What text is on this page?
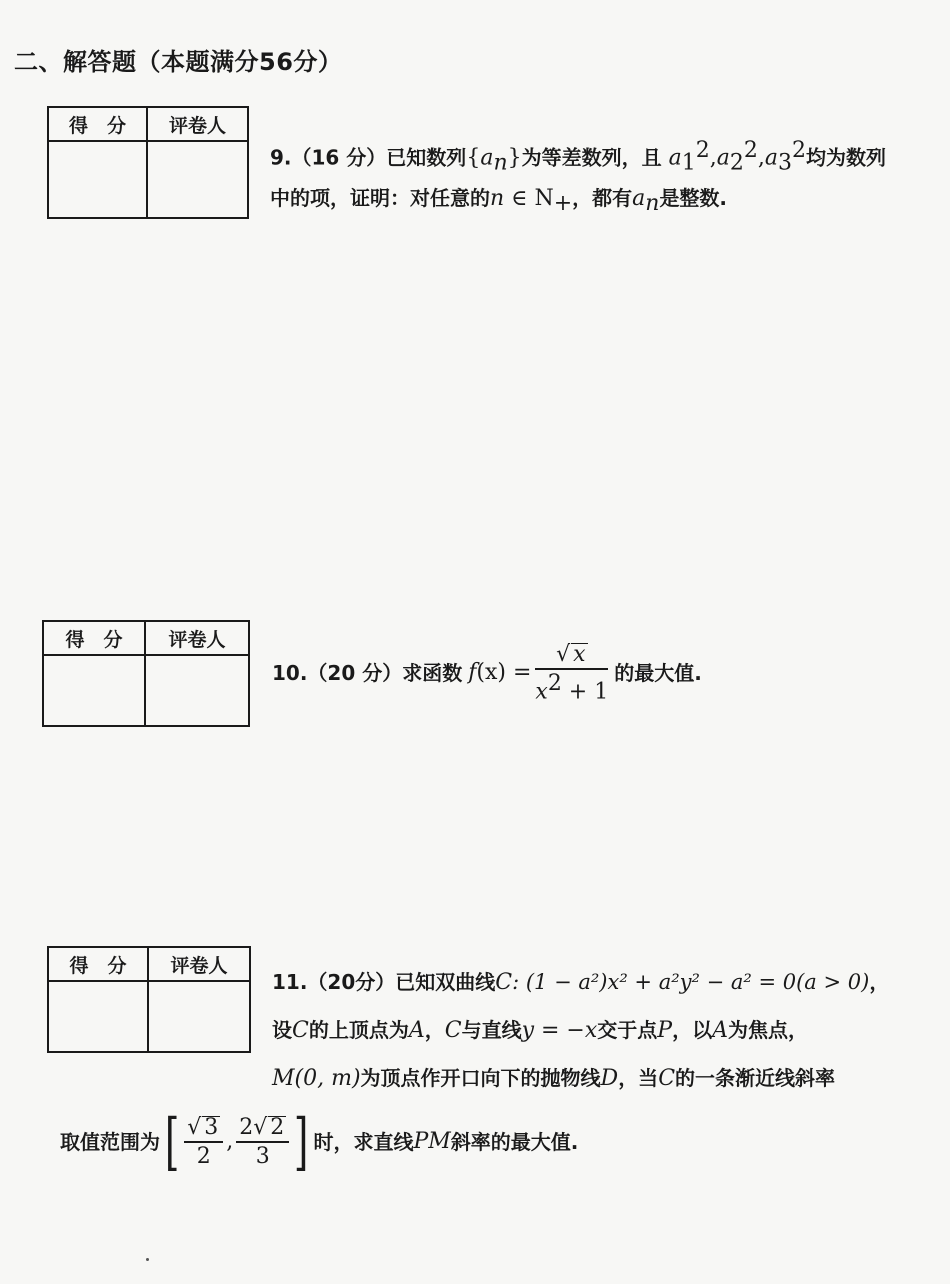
二、解答题（本题满分56分）
得　分	评卷人
9.（16 分）已知数列$\{a_n\}$为等差数列，且 $a_1^2,a_2^2,a_3^2$均为数列
中的项，证明：对任意的n ∈ $N_+$，都有$a_n$是整数.
得　分	评卷人
10.（20 分）求函数 f $(x) = \frac{√ x}{x^2 + 1}$ 的最大值.
得　分	评卷人
11.（20分）已知双曲线C: (1 − a²)x² + a²y² − a² = 0(a > 0)，
设C的上顶点为A，C与直线y = −x交于点P，以A为焦点，
M(0, m)为顶点作开口向下的抛物线D，当C的一条渐近线斜率
取值范围为 [ $\frac{√ 3}{2}$ , $\frac{2√ 2}{3}$ ] 时，求直线 PM 斜率的最大值.
